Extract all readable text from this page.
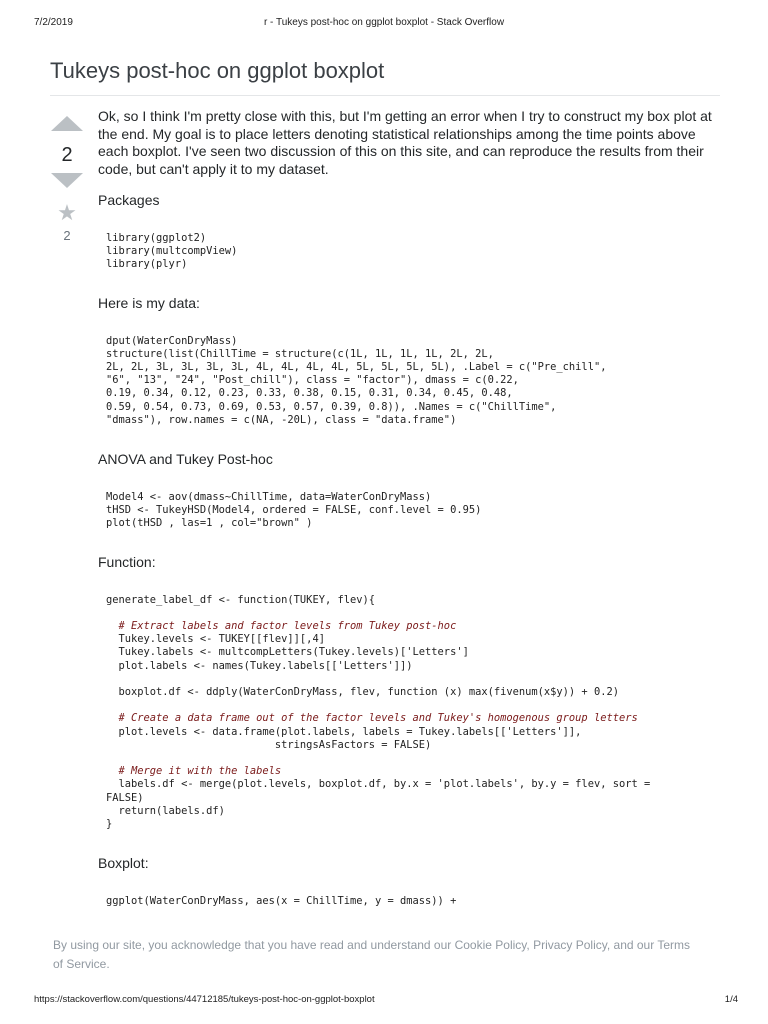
7/2/2019	r - Tukeys post-hoc on ggplot boxplot - Stack Overflow
Tukeys post-hoc on ggplot boxplot
2
★
2

Ok, so I think I'm pretty close with this, but I'm getting an error when I try to construct my box plot at the end. My goal is to place letters denoting statistical relationships among the time points above each boxplot. I've seen two discussion of this on this site, and can reproduce the results from their code, but can't apply it to my dataset.

Packages

library(ggplot2)
library(multcompView)
library(plyr)

Here is my data:

dput(WaterConDryMass)
structure(list(ChillTime = structure(c(1L, 1L, 1L, 1L, 2L, 2L,
2L, 2L, 3L, 3L, 3L, 3L, 4L, 4L, 4L, 4L, 5L, 5L, 5L, 5L), .Label = c("Pre_chill",
"6", "13", "24", "Post_chill"), class = "factor"), dmass = c(0.22,
0.19, 0.34, 0.12, 0.23, 0.33, 0.38, 0.15, 0.31, 0.34, 0.45, 0.48,
0.59, 0.54, 0.73, 0.69, 0.53, 0.57, 0.39, 0.8)), .Names = c("ChillTime",
"dmass"), row.names = c(NA, -20L), class = "data.frame")

ANOVA and Tukey Post-hoc

Model4 <- aov(dmass~ChillTime, data=WaterConDryMass)
tHSD <- TukeyHSD(Model4, ordered = FALSE, conf.level = 0.95)
plot(tHSD , las=1 , col="brown" )

Function:

generate_label_df <- function(TUKEY, flev){

# Extract labels and factor levels from Tukey post-hoc
Tukey.levels <- TUKEY[[flev]][,4]
Tukey.labels <- multcompLetters(Tukey.levels)['Letters']
plot.labels <- names(Tukey.labels[['Letters']])

boxplot.df <- ddply(WaterConDryMass, flev, function (x) max(fivenum(x$y)) + 0.2)

# Create a data frame out of the factor levels and Tukey's homogenous group letters
plot.levels <- data.frame(plot.labels, labels = Tukey.labels[['Letters']],
stringsAsFactors = FALSE)

# Merge it with the labels
labels.df <- merge(plot.levels, boxplot.df, by.x = 'plot.labels', by.y = flev, sort =
FALSE)
return(labels.df)
}

Boxplot:

ggplot(WaterConDryMass, aes(x = ChillTime, y = dmass)) +
By using our site, you acknowledge that you have read and understand our Cookie Policy, Privacy Policy, and our Terms of Service.
https://stackoverflow.com/questions/44712185/tukeys-post-hoc-on-ggplot-boxplot	1/4
